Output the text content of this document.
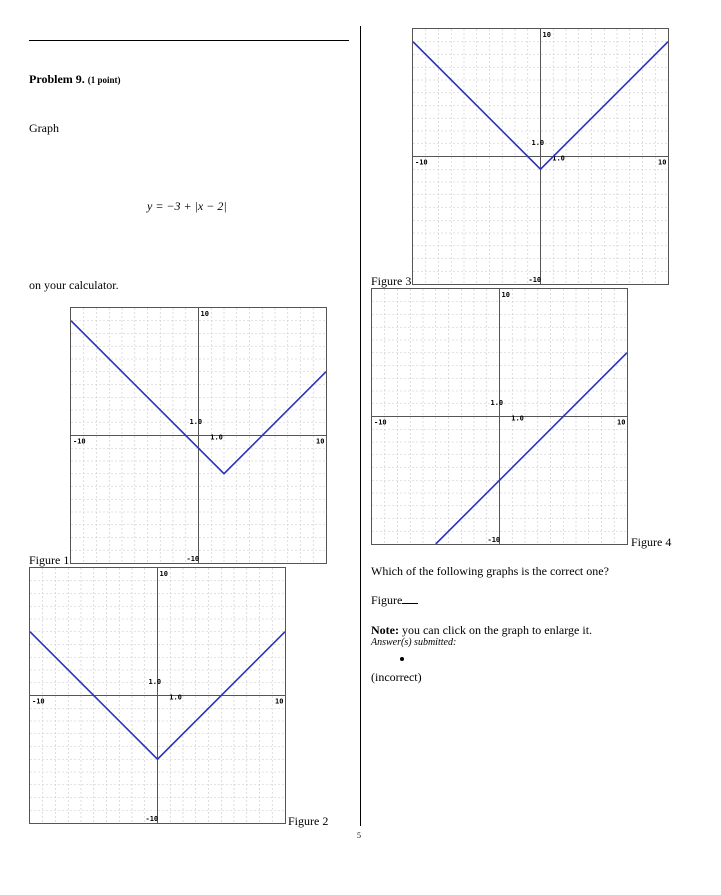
Problem 9. (1 point)
Graph
y = −3 + |x − 2|
on your calculator.
10
-10
-10	10
1.0
1.0
Figure 1
10
-10
-10	10
1.0
1.0
Figure 2
10
-10
-10	10
1.0
1.0
Figure 3
10
-10
-10	10
1.0
1.0
Figure 4
Which of the following graphs is the correct one?
Figure
Note: you can click on the graph to enlarge it.
Answer(s) submitted:
(incorrect)
5
